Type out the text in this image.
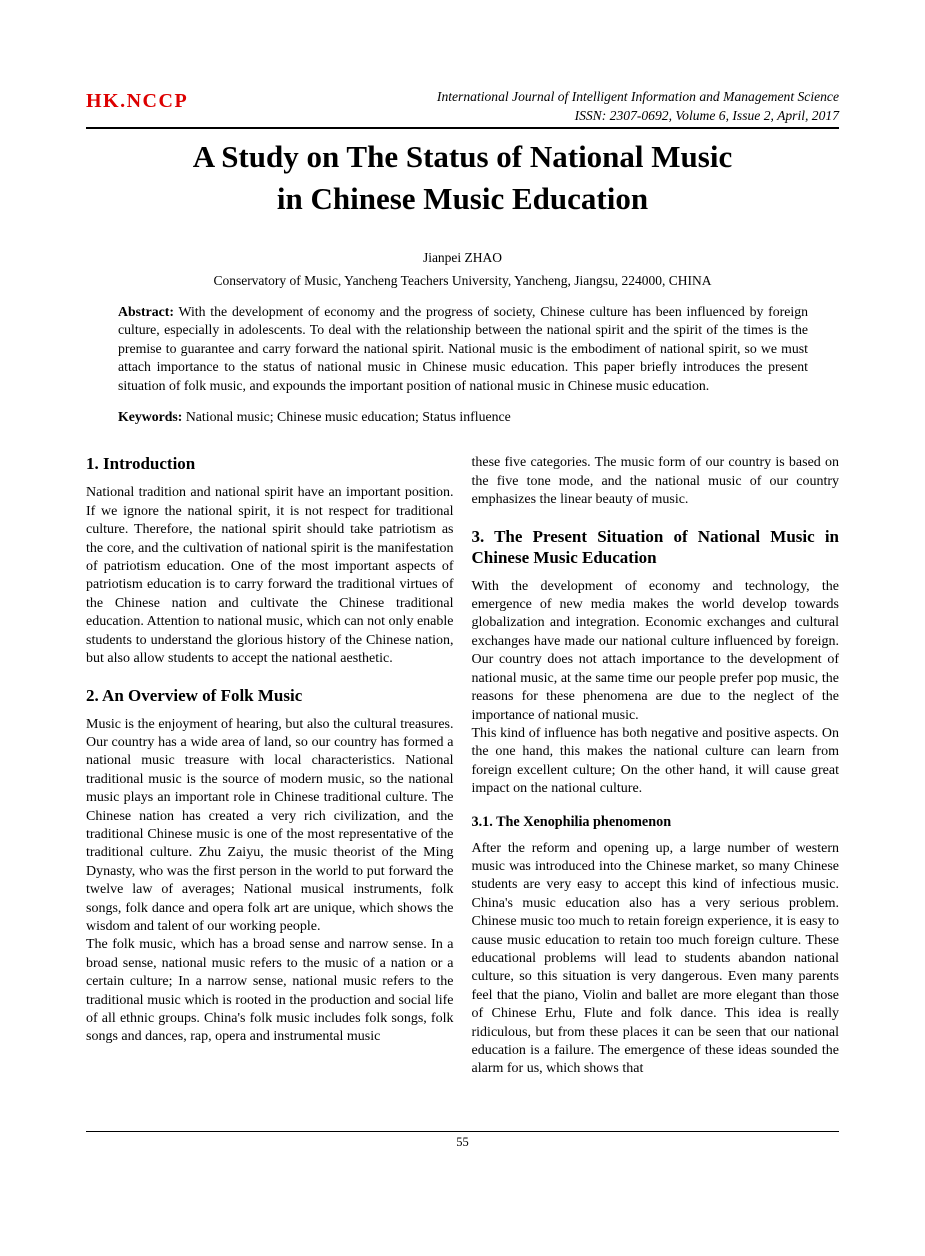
HK.NCCP	International Journal of Intelligent Information and Management Science
ISSN: 2307-0692, Volume 6, Issue 2, April, 2017
A Study on The Status of National Music
in Chinese Music Education
Jianpei ZHAO
Conservatory of Music, Yancheng Teachers University, Yancheng, Jiangsu, 224000, CHINA
Abstract: With the development of economy and the progress of society, Chinese culture has been influenced by foreign culture, especially in adolescents. To deal with the relationship between the national spirit and the spirit of the times is the premise to guarantee and carry forward the national spirit. National music is the embodiment of national spirit, so we must attach importance to the status of national music in Chinese music education. This paper briefly introduces the present situation of folk music, and expounds the important position of national music in Chinese music education.
Keywords: National music; Chinese music education; Status influence
1. Introduction

National tradition and national spirit have an important position. If we ignore the national spirit, it is not respect for traditional culture. Therefore, the national spirit should take patriotism as the core, and the cultivation of national spirit is the manifestation of patriotism education. One of the most important aspects of patriotism education is to carry forward the traditional virtues of the Chinese nation and cultivate the Chinese traditional education. Attention to national music, which can not only enable students to understand the glorious history of the Chinese nation, but also allow students to accept the national aesthetic.

2. An Overview of Folk Music

Music is the enjoyment of hearing, but also the cultural treasures. Our country has a wide area of land, so our country has formed a national music treasure with local characteristics. National traditional music is the source of modern music, so the national music plays an important role in Chinese traditional culture. The Chinese nation has created a very rich civilization, and the traditional Chinese music is one of the most representative of the traditional culture. Zhu Zaiyu, the music theorist of the Ming Dynasty, who was the first person in the world to put forward the twelve law of averages; National musical instruments, folk songs, folk dance and opera folk art are unique, which shows the wisdom and talent of our working people.

The folk music, which has a broad sense and narrow sense. In a broad sense, national music refers to the music of a nation or a certain culture; In a narrow sense, national music refers to the traditional music which is rooted in the production and social life of all ethnic groups. China's folk music includes folk songs, folk songs and dances, rap, opera and instrumental music

these five categories. The music form of our country is based on the five tone mode, and the national music of our country emphasizes the linear beauty of music.

3. The Present Situation of National Music in Chinese Music Education

With the development of economy and technology, the emergence of new media makes the world develop towards globalization and integration. Economic exchanges and cultural exchanges have made our national culture influenced by foreign. Our country does not attach importance to the development of national music, at the same time our people prefer pop music, the reasons for these phenomena are due to the neglect of the importance of national music.

This kind of influence has both negative and positive aspects. On the one hand, this makes the national culture can learn from foreign excellent culture; On the other hand, it will cause great impact on the national culture.

3.1. The Xenophilia phenomenon

After the reform and opening up, a large number of western music was introduced into the Chinese market, so many Chinese students are very easy to accept this kind of infectious music. China's music education also has a very serious problem. Chinese music too much to retain foreign experience, it is easy to cause music education to retain too much foreign culture. These educational problems will lead to students abandon national culture, so this situation is very dangerous. Even many parents feel that the piano, Violin and ballet are more elegant than those of Chinese Erhu, Flute and folk dance. This idea is really ridiculous, but from these places it can be seen that our national education is a failure. The emergence of these ideas sounded the alarm for us, which shows that

55
